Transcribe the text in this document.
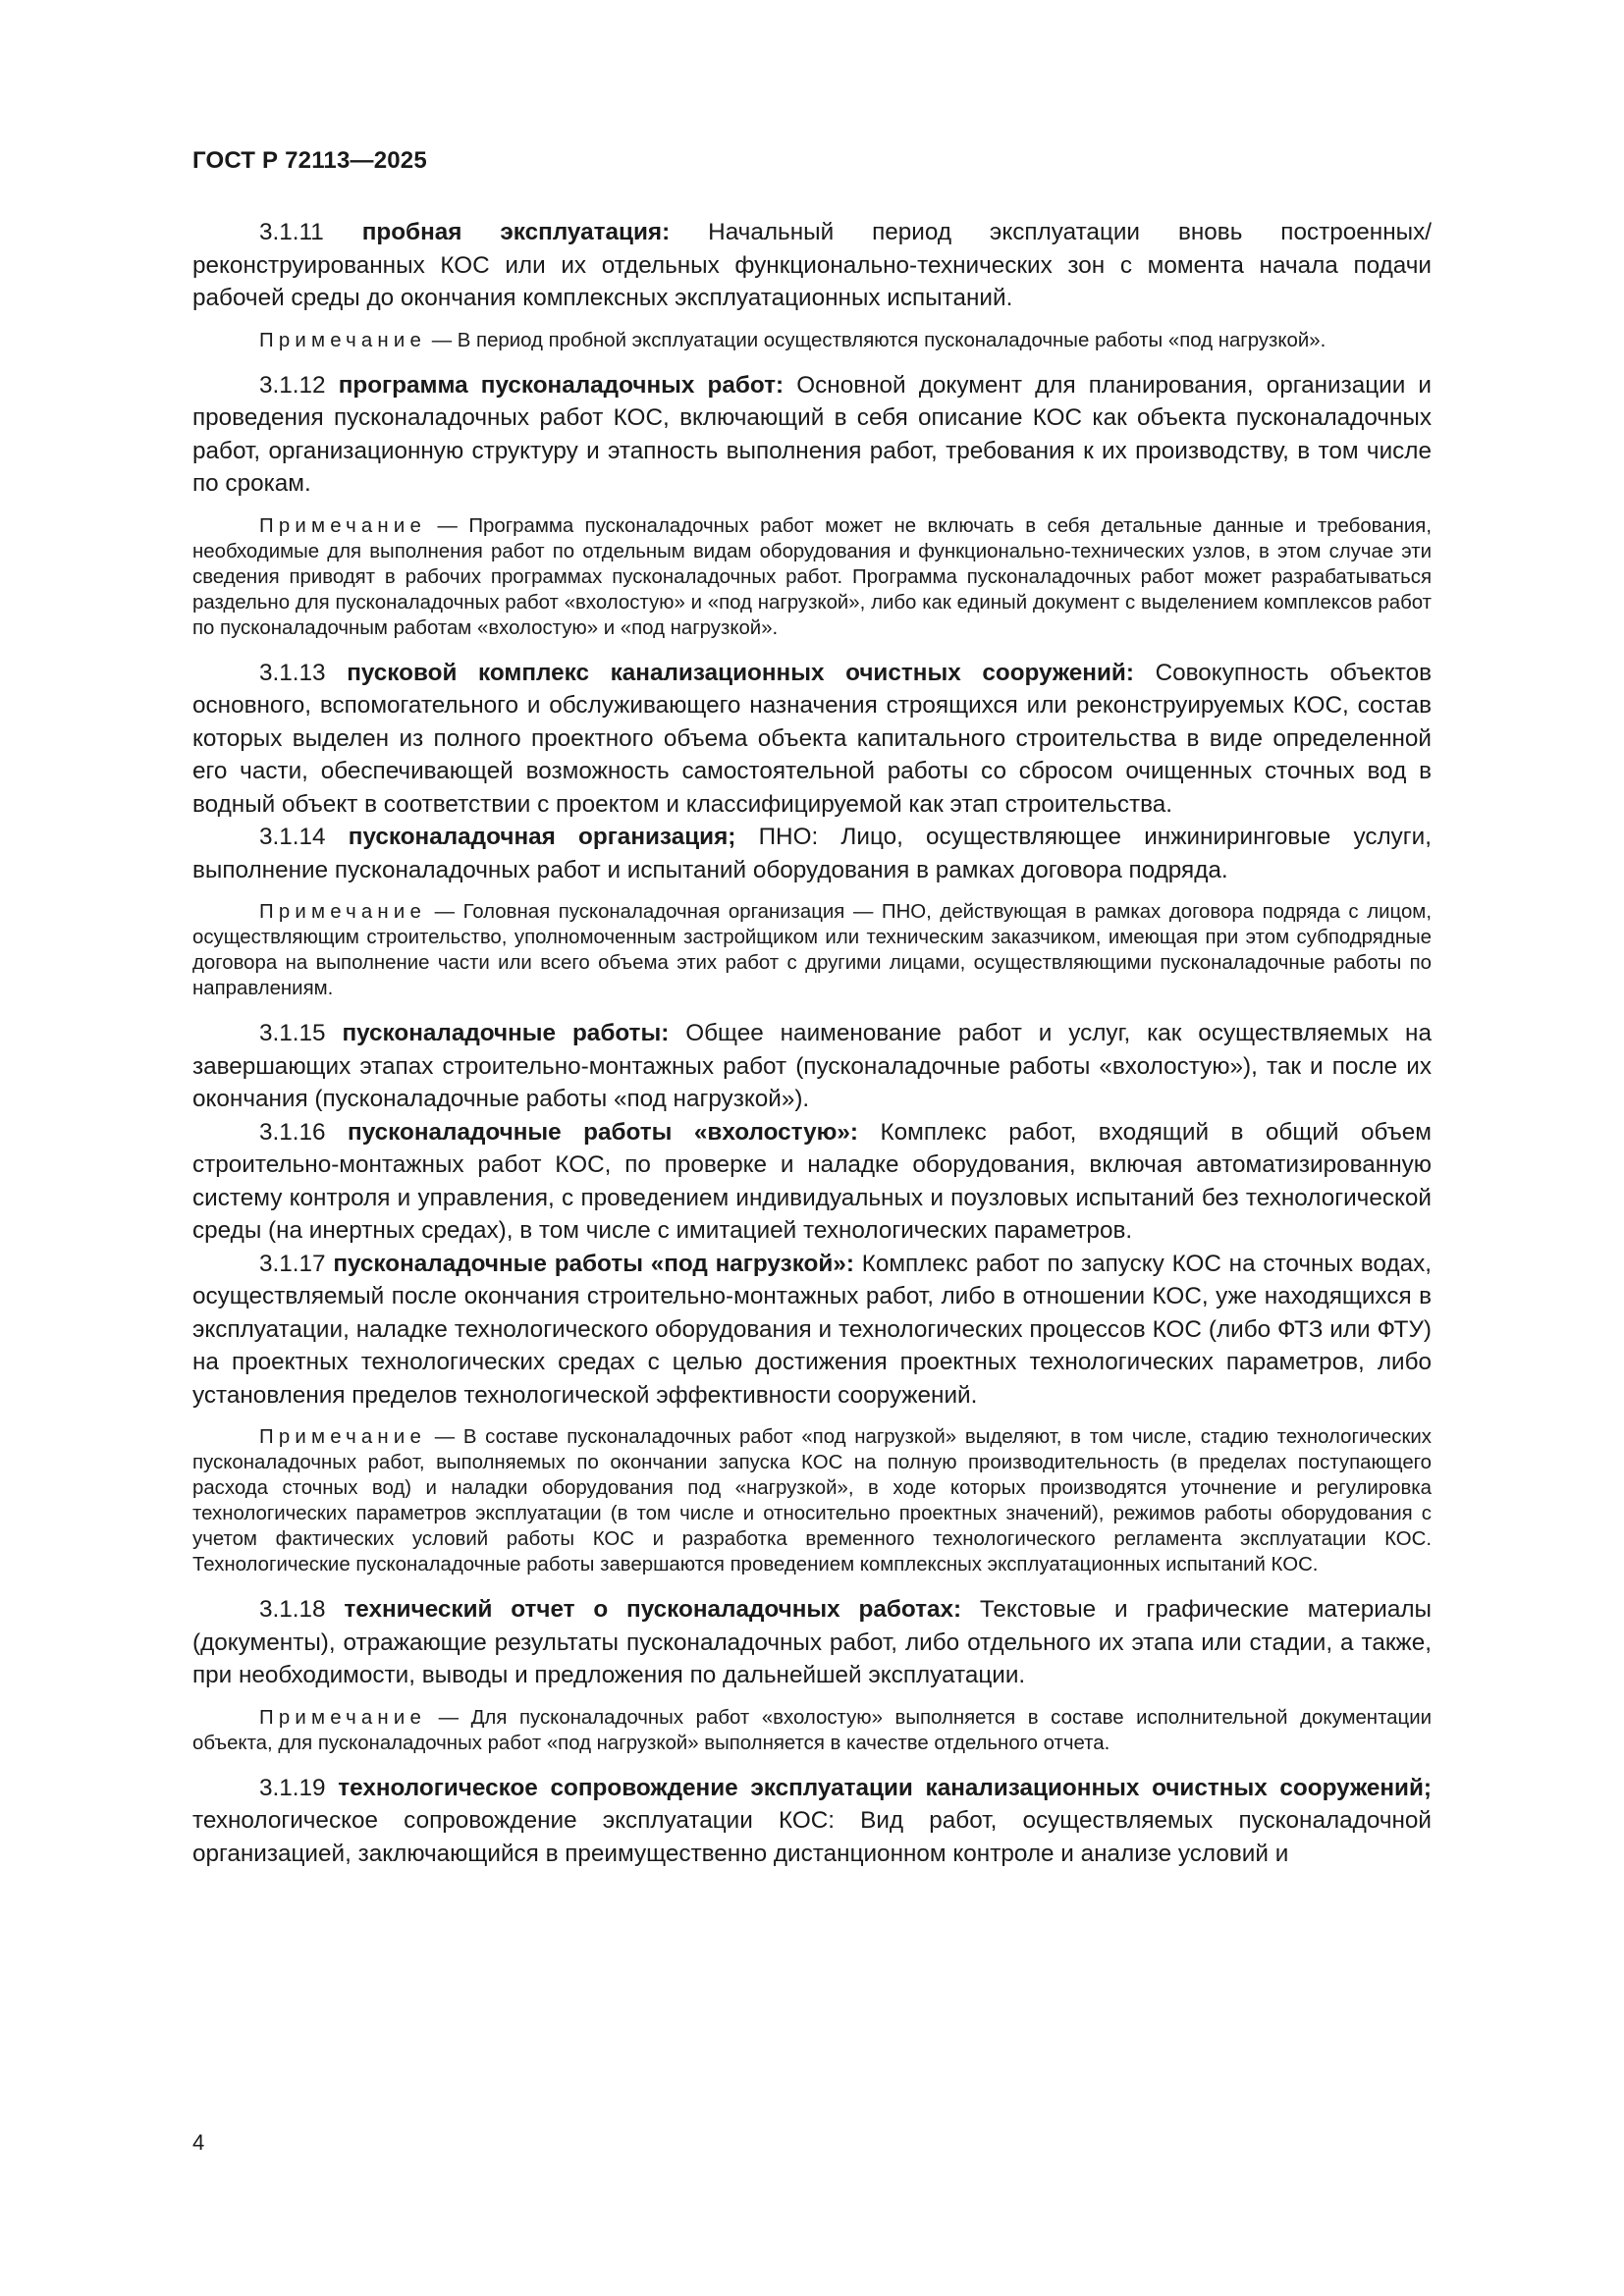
ГОСТ Р 72113—2025

3.1.11 пробная эксплуатация: Начальный период эксплуатации вновь построенных/реконструированных КОС или их отдельных функционально-технических зон с момента начала подачи рабочей среды до окончания комплексных эксплуатационных испытаний.

Примечание — В период пробной эксплуатации осуществляются пусконаладочные работы «под нагрузкой».

3.1.12 программа пусконаладочных работ: Основной документ для планирования, организации и проведения пусконаладочных работ КОС, включающий в себя описание КОС как объекта пусконаладочных работ, организационную структуру и этапность выполнения работ, требования к их производству, в том числе по срокам.

Примечание — Программа пусконаладочных работ может не включать в себя детальные данные и требования, необходимые для выполнения работ по отдельным видам оборудования и функционально-технических узлов, в этом случае эти сведения приводят в рабочих программах пусконаладочных работ. Программа пусконаладочных работ может разрабатываться раздельно для пусконаладочных работ «вхолостую» и «под нагрузкой», либо как единый документ с выделением комплексов работ по пусконаладочным работам «вхолостую» и «под нагрузкой».

3.1.13 пусковой комплекс канализационных очистных сооружений: Совокупность объектов основного, вспомогательного и обслуживающего назначения строящихся или реконструируемых КОС, состав которых выделен из полного проектного объема объекта капитального строительства в виде определенной его части, обеспечивающей возможность самостоятельной работы со сбросом очищенных сточных вод в водный объект в соответствии с проектом и классифицируемой как этап строительства.

3.1.14 пусконаладочная организация; ПНО: Лицо, осуществляющее инжиниринговые услуги, выполнение пусконаладочных работ и испытаний оборудования в рамках договора подряда.

Примечание — Головная пусконаладочная организация — ПНО, действующая в рамках договора подряда с лицом, осуществляющим строительство, уполномоченным застройщиком или техническим заказчиком, имеющая при этом субподрядные договора на выполнение части или всего объема этих работ с другими лицами, осуществляющими пусконаладочные работы по направлениям.

3.1.15 пусконаладочные работы: Общее наименование работ и услуг, как осуществляемых на завершающих этапах строительно-монтажных работ (пусконаладочные работы «вхолостую»), так и после их окончания (пусконаладочные работы «под нагрузкой»).

3.1.16 пусконаладочные работы «вхолостую»: Комплекс работ, входящий в общий объем строительно-монтажных работ КОС, по проверке и наладке оборудования, включая автоматизированную систему контроля и управления, с проведением индивидуальных и поузловых испытаний без технологической среды (на инертных средах), в том числе с имитацией технологических параметров.

3.1.17 пусконаладочные работы «под нагрузкой»: Комплекс работ по запуску КОС на сточных водах, осуществляемый после окончания строительно-монтажных работ, либо в отношении КОС, уже находящихся в эксплуатации, наладке технологического оборудования и технологических процессов КОС (либо ФТЗ или ФТУ) на проектных технологических средах с целью достижения проектных технологических параметров, либо установления пределов технологической эффективности сооружений.

Примечание — В составе пусконаладочных работ «под нагрузкой» выделяют, в том числе, стадию технологических пусконаладочных работ, выполняемых по окончании запуска КОС на полную производительность (в пределах поступающего расхода сточных вод) и наладки оборудования под «нагрузкой», в ходе которых производятся уточнение и регулировка технологических параметров эксплуатации (в том числе и относительно проектных значений), режимов работы оборудования с учетом фактических условий работы КОС и разработка временного технологического регламента эксплуатации КОС. Технологические пусконаладочные работы завершаются проведением комплексных эксплуатационных испытаний КОС.

3.1.18 технический отчет о пусконаладочных работах: Текстовые и графические материалы (документы), отражающие результаты пусконаладочных работ, либо отдельного их этапа или стадии, а также, при необходимости, выводы и предложения по дальнейшей эксплуатации.

Примечание — Для пусконаладочных работ «вхолостую» выполняется в составе исполнительной документации объекта, для пусконаладочных работ «под нагрузкой» выполняется в качестве отдельного отчета.

3.1.19 технологическое сопровождение эксплуатации канализационных очистных сооружений; технологическое сопровождение эксплуатации КОС: Вид работ, осуществляемых пусконаладочной организацией, заключающийся в преимущественно дистанционном контроле и анализе условий и

4
